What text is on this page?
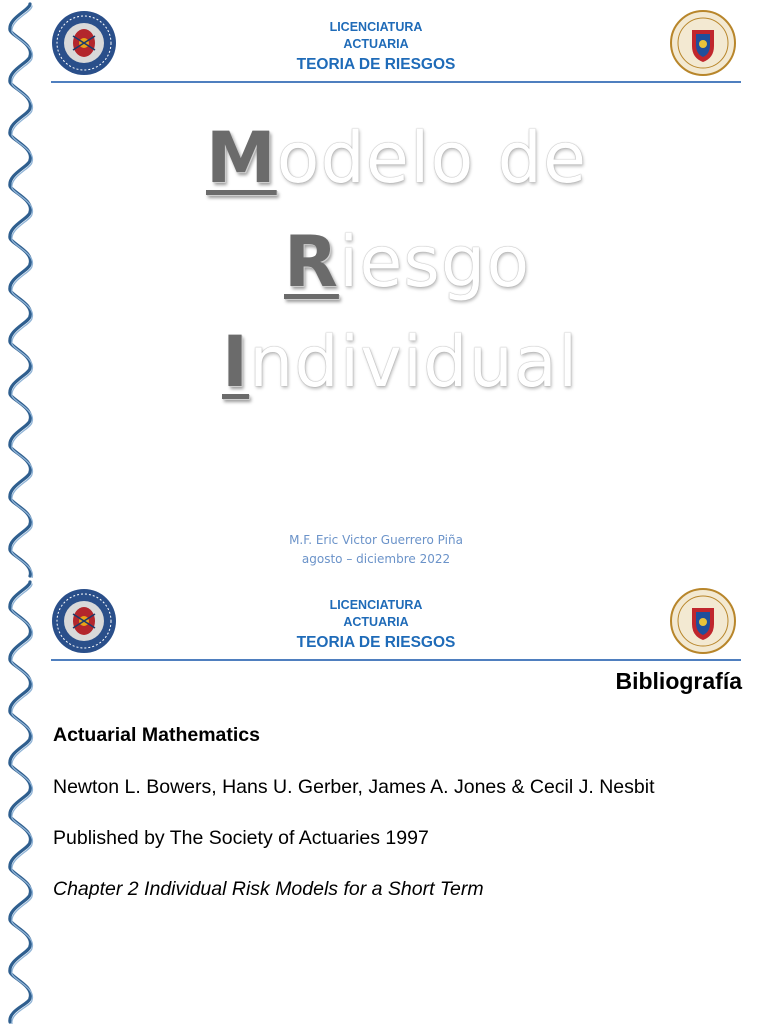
LICENCIATURA
ACTUARIA
TEORIA DE RIESGOS
Modelo de
Riesgo
Individual
M.F. Eric Victor Guerrero Piña
agosto – diciembre 2022
LICENCIATURA
ACTUARIA
TEORIA DE RIESGOS
Bibliografía
Actuarial Mathematics
Newton L. Bowers, Hans U. Gerber, James A. Jones & Cecil J. Nesbit
Published by The Society of Actuaries 1997
Chapter 2 Individual Risk Models for a Short Term
